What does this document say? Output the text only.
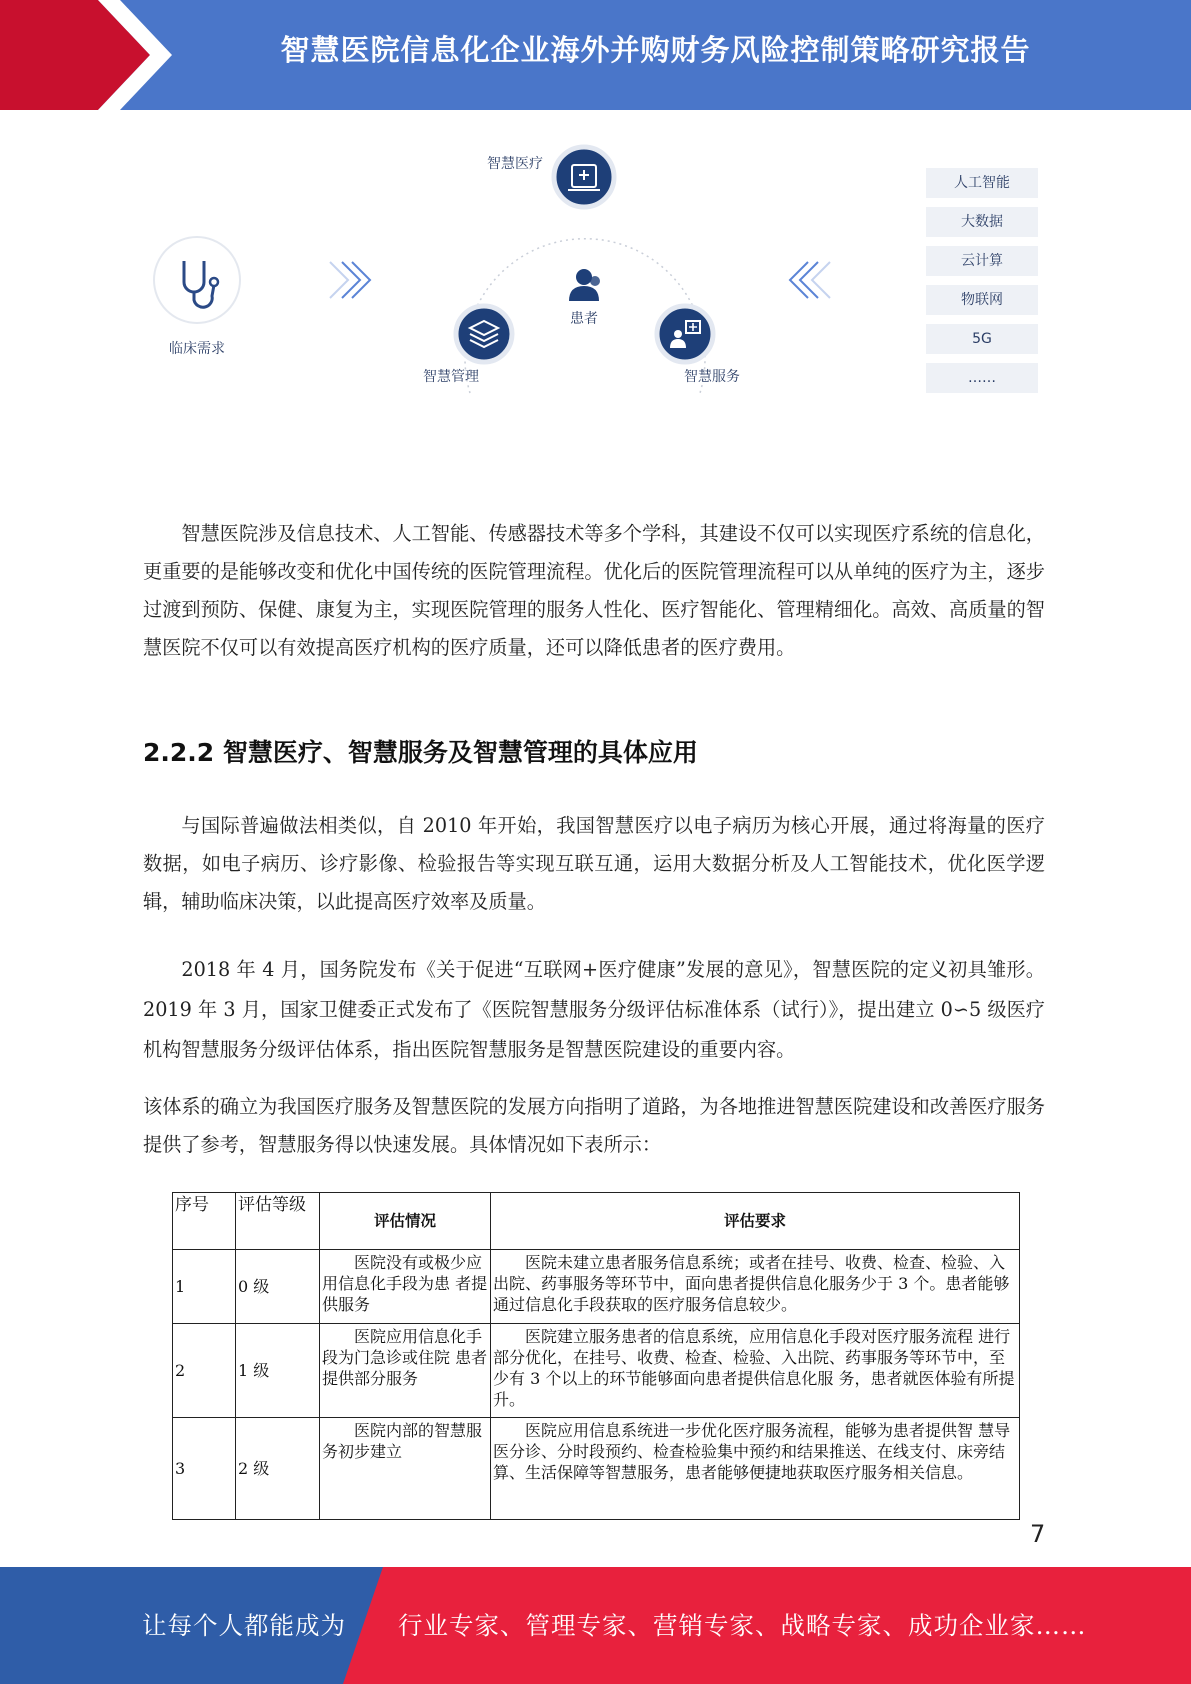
智慧医院信息化企业海外并购财务风险控制策略研究报告
智慧医疗
患者
临床需求
智慧管理	智慧服务
人工智能
大数据
云计算
物联网
5G
……
智慧医院涉及信息技术、人工智能、传感器技术等多个学科，其建设不仅可以实现医疗系统的信息化，更重要的是能够改变和优化中国传统的医院管理流程。优化后的医院管理流程可以从单纯的医疗为主，逐步过渡到预防、保健、康复为主，实现医院管理的服务人性化、医疗智能化、管理精细化。高效、高质量的智慧医院不仅可以有效提高医疗机构的医疗质量，还可以降低患者的医疗费用。
2.2.2 智慧医疗、智慧服务及智慧管理的具体应用
与国际普遍做法相类似，自 2010 年开始，我国智慧医疗以电子病历为核心开展，通过将海量的医疗数据，如电子病历、诊疗影像、检验报告等实现互联互通，运用大数据分析及人工智能技术，优化医学逻辑，辅助临床决策，以此提高医疗效率及质量。
2018 年 4 月，国务院发布《关于促进“互联网+医疗健康”发展的意见》，智慧医院的定义初具雏形。2019 年 3 月，国家卫健委正式发布了《医院智慧服务分级评估标准体系（试行）》，提出建立 0∽5 级医疗机构智慧服务分级评估体系，指出医院智慧服务是智慧医院建设的重要内容。
该体系的确立为我国医疗服务及智慧医院的发展方向指明了道路，为各地推进智慧医院建设和改善医疗服务提供了参考，智慧服务得以快速发展。具体情况如下表所示：
序号	评估等级	评估情况	评估要求
1	0 级	医院没有或极少应 用信息化手段为患 者提供服务	医院未建立患者服务信息系统；或者在挂号、收费、检查、检验、入出院、药事服务等环节中，面向患者提供信息化服务少于 3 个。患者能够通过信息化手段获取的医疗服务信息较少。
2	1 级	医院应用信息化手 段为门急诊或住院 患者提供部分服务	医院建立服务患者的信息系统，应用信息化手段对医疗服务流程 进行部分优化，在挂号、收费、检查、检验、入出院、药事服务等环节中，至少有 3 个以上的环节能够面向患者提供信息化服 务，患者就医体验有所提升。
3	2 级	医院内部的智慧服 务初步建立	医院应用信息系统进一步优化医疗服务流程，能够为患者提供智 慧导医分诊、分时段预约、检查检验集中预约和结果推送、在线支付、床旁结算、生活保障等智慧服务，患者能够便捷地获取医疗服务相关信息。
7
让每个人都能成为 行业专家、管理专家、营销专家、战略专家、成功企业家……
